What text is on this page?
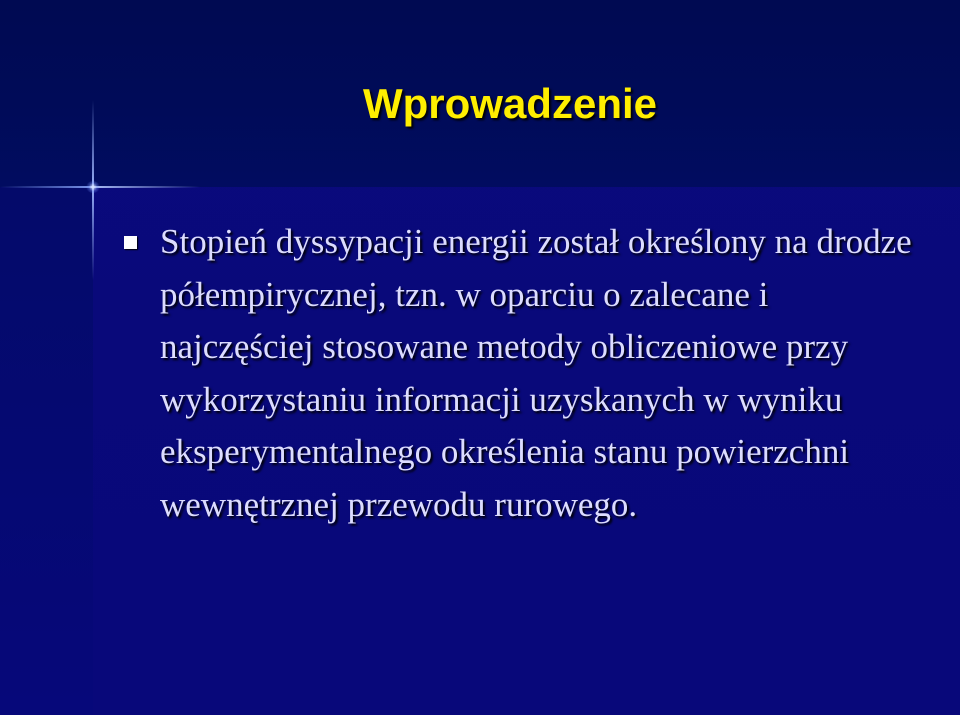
Wprowadzenie

Stopień dyssypacji energii został określony na drodze półempirycznej, tzn. w oparciu o zalecane i najczęściej stosowane metody obliczeniowe przy wykorzystaniu informacji uzyskanych w wyniku eksperymentalnego określenia stanu powierzchni wewnętrznej przewodu rurowego.
